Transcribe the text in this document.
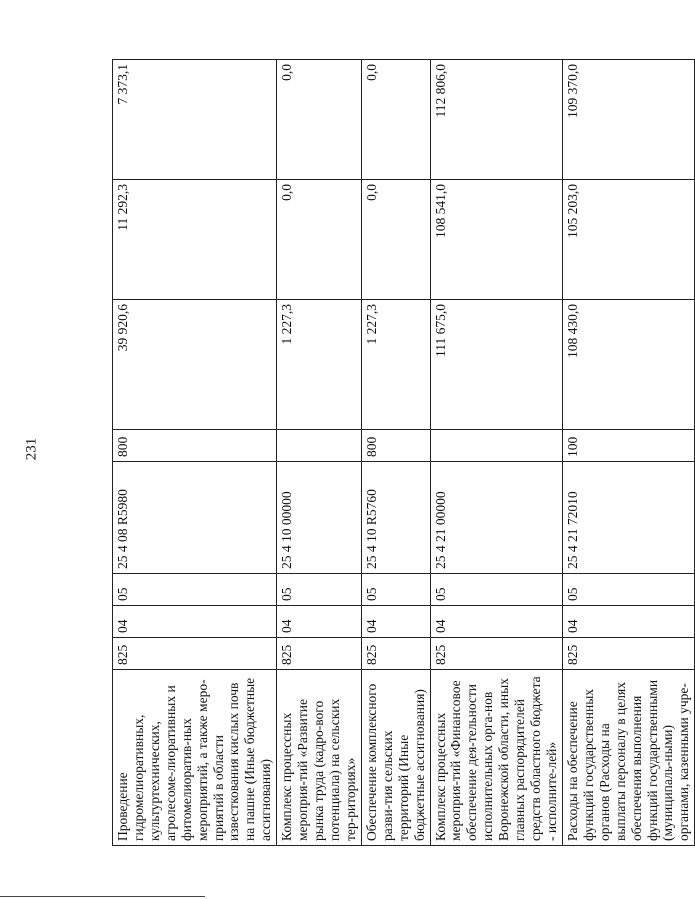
231
Проведение гидромелиоративных, культуртехнических, агролесоме-лиоративных и фитомелиоратив-ных мероприятий, а также меро-приятий в области известкования кислых почв на пашне (Иные бюджетные ассигнования)	825	04	05	25 4 08 R5980	800	39 920,6	11 292,3	7 373,1
Комплекс процессных мероприя-тий «Развитие рынка труда (кадро-вого потенциала) на сельских тер-риториях»	825	04	05	25 4 10 00000		1 227,3	0,0	0,0
Обеспечение комплексного разви-тия сельских территорий (Иные бюджетные ассигнования)	825	04	05	25 4 10 R5760	800	1 227,3	0,0	0,0
Комплекс процессных мероприя-тий «Финансовое обеспечение дея-тельности исполнительных орга-нов Воронежской области, иных главных распорядителей средств областного бюджета - исполните-лей»	825	04	05	25 4 21 00000		111 675,0	108 541,0	112 806,0
Расходы на обеспечение функций государственных органов (Расходы на выплаты персоналу в целях обеспечения выполнения функций государственными (муниципаль-ными) органами, казенными учре-	825	04	05	25 4 21 72010	100	108 430,0	105 203,0	109 370,0
